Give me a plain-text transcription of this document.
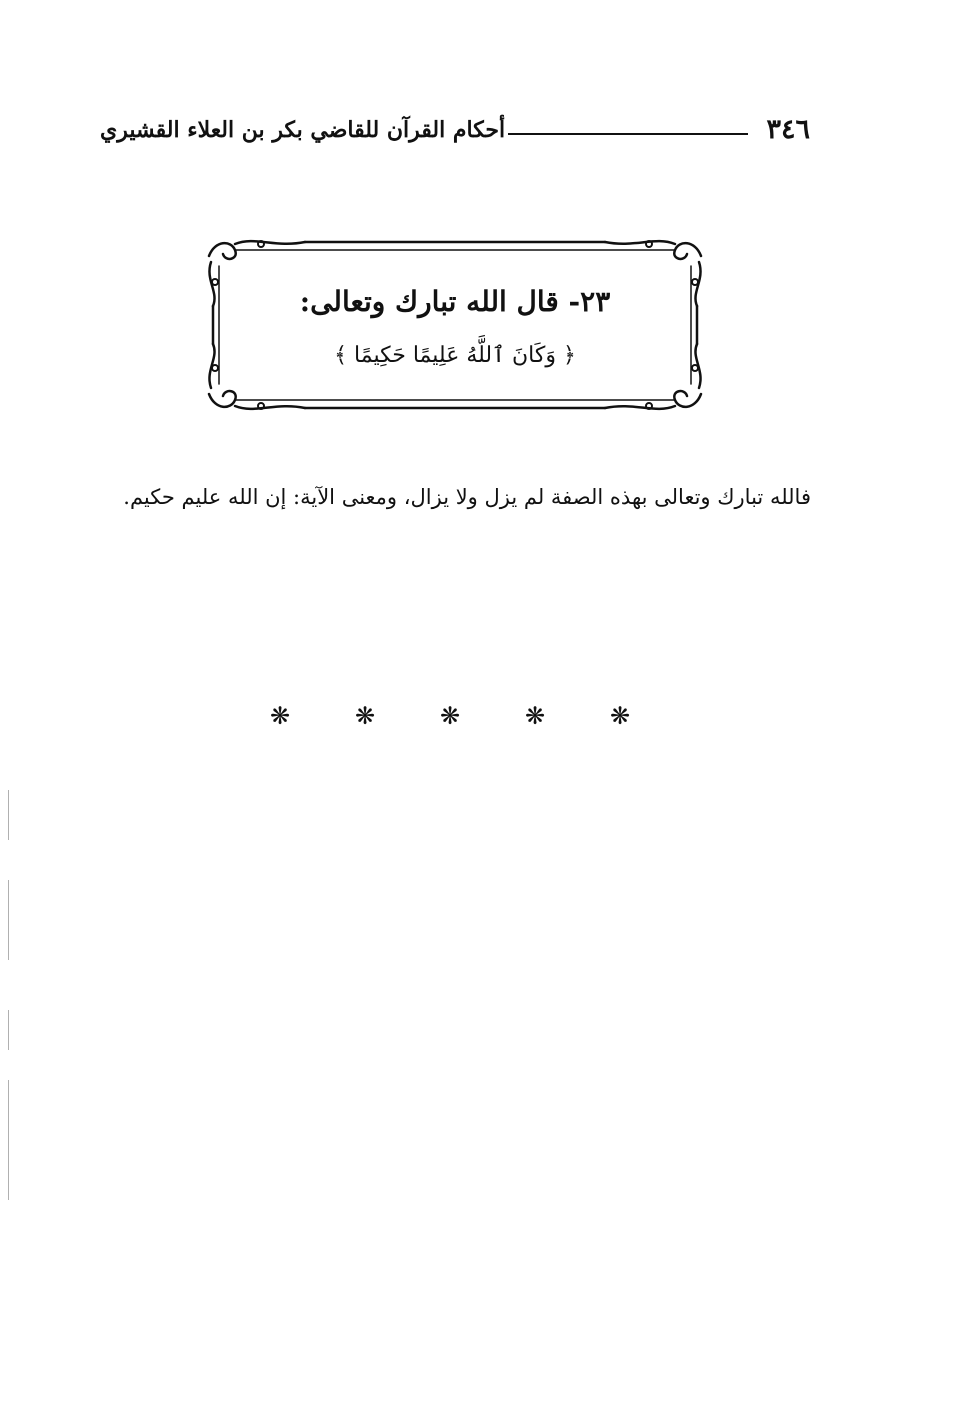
٣٤٦
أحكام القرآن للقاضي بكر بن العلاء القشيري
٢٣- قال الله تبارك وتعالى:
﴿ وَكَانَ ٱللَّهُ عَلِيمًا حَكِيمًا ﴾
فالله تبارك وتعالى بهذه الصفة لم يزل ولا يزال، ومعنى الآية: إن الله عليم حكيم.
❋
❋
❋
❋
❋
